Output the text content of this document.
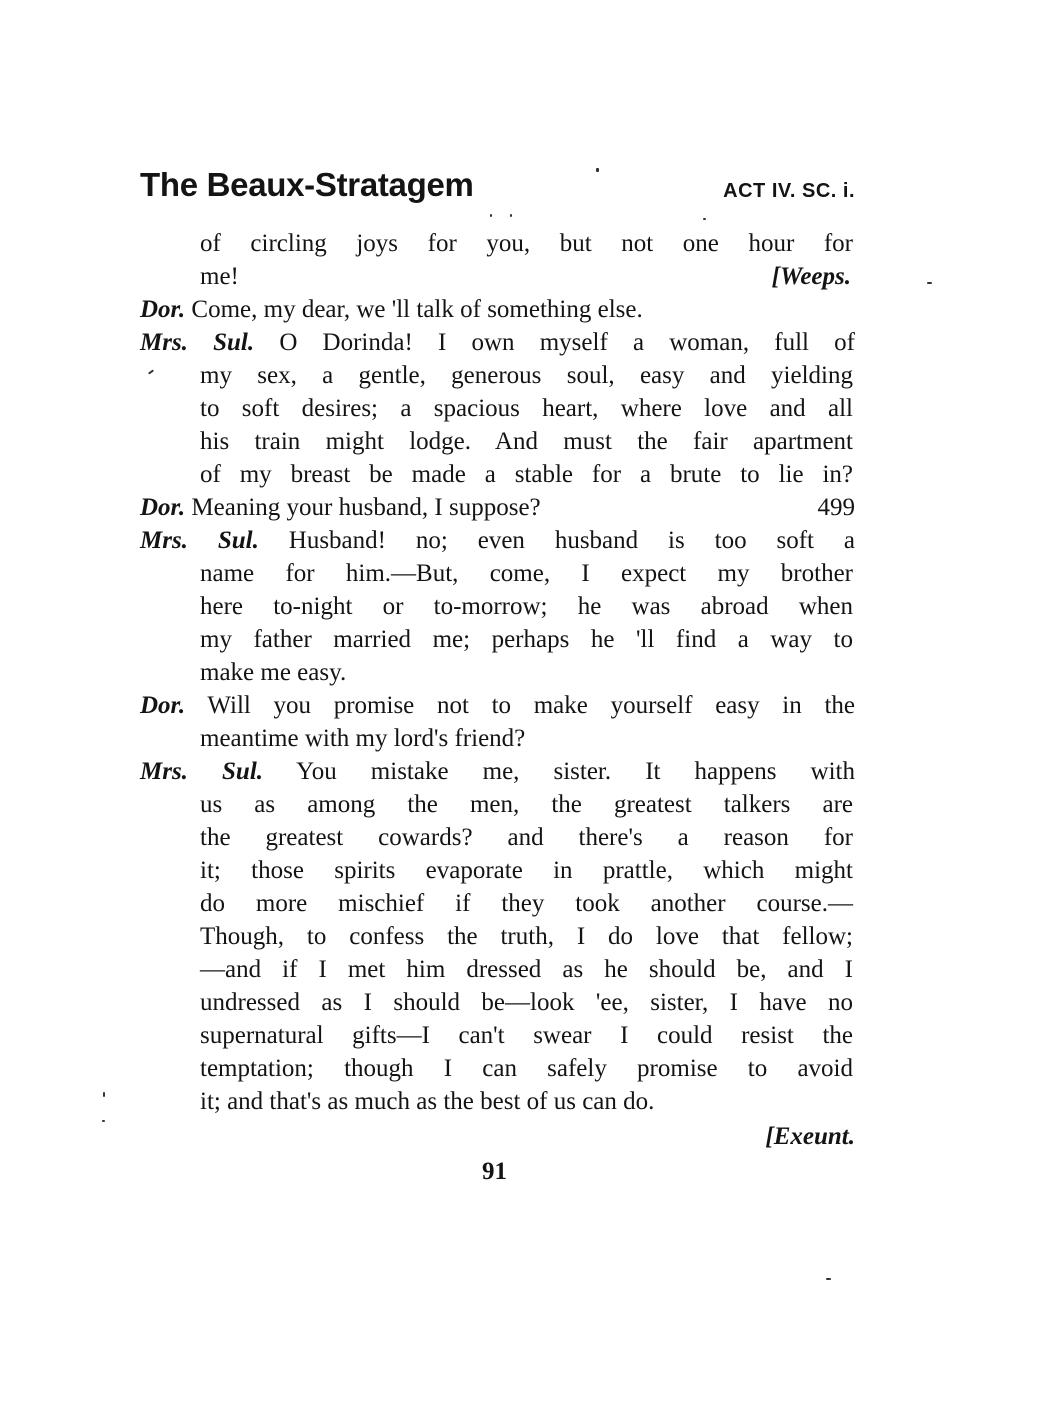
The Beaux-Stratagem	ACT IV. SC. i.
of circling joys for you, but not one hour for
me!	[Weeps.
Dor. Come, my dear, we 'll talk of something else.
Mrs. Sul. O Dorinda! I own myself a woman, full of
my sex, a gentle, generous soul, easy and yielding
to soft desires; a spacious heart, where love and all
his train might lodge. And must the fair apartment
of my breast be made a stable for a brute to lie in?
Dor. Meaning your husband, I suppose?	499
Mrs. Sul. Husband! no; even husband is too soft a
name for him.—But, come, I expect my brother
here to-night or to-morrow; he was abroad when
my father married me; perhaps he 'll find a way to
make me easy.
Dor. Will you promise not to make yourself easy in the
meantime with my lord's friend?
Mrs. Sul. You mistake me, sister. It happens with
us as among the men, the greatest talkers are
the greatest cowards? and there's a reason for
it; those spirits evaporate in prattle, which might
do more mischief if they took another course.—
Though, to confess the truth, I do love that fellow;
—and if I met him dressed as he should be, and I
undressed as I should be—look 'ee, sister, I have no
supernatural gifts—I can't swear I could resist the
temptation; though I can safely promise to avoid
it; and that's as much as the best of us can do.
[Exeunt.
91
